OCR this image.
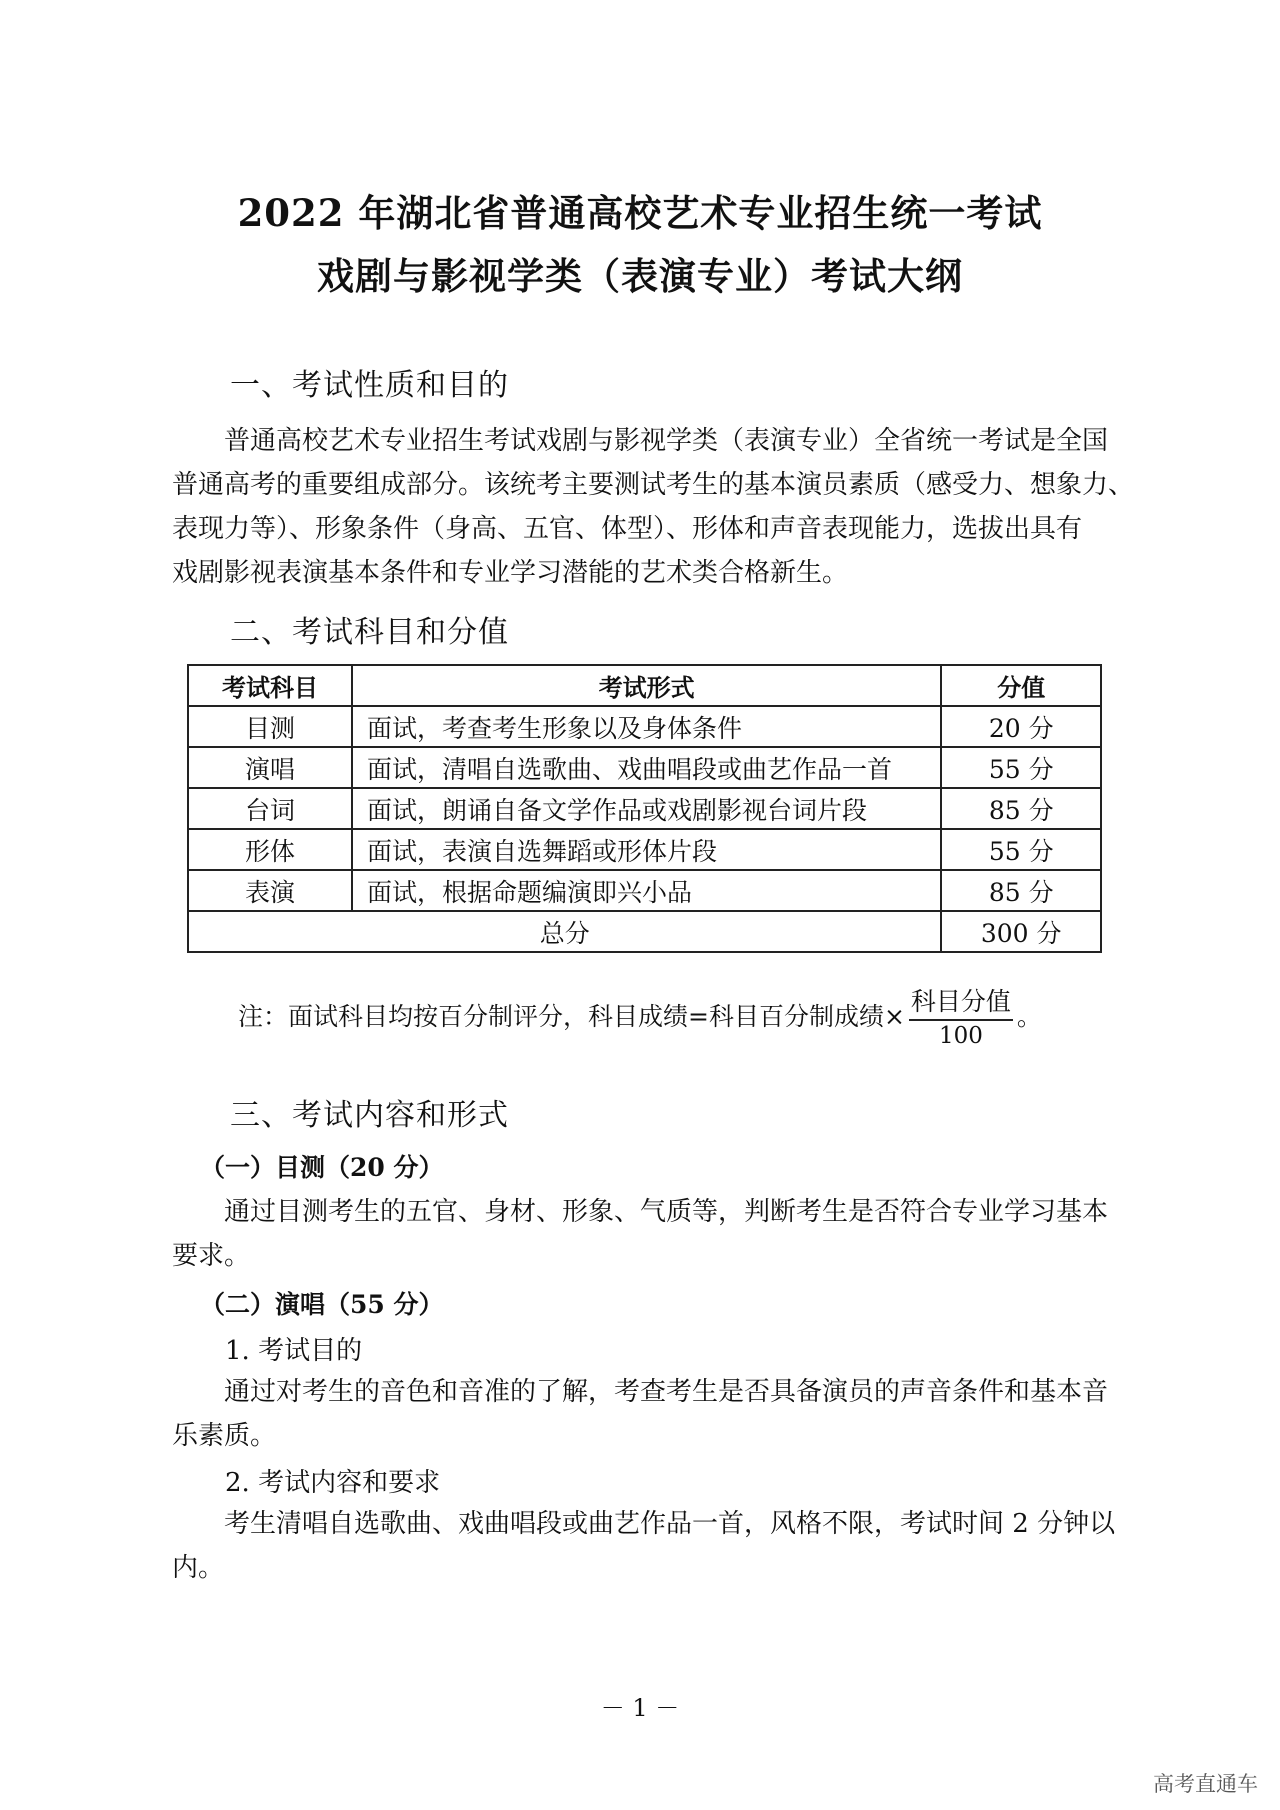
2022 年湖北省普通高校艺术专业招生统一考试
戏剧与影视学类（表演专业）考试大纲
一、考试性质和目的
普通高校艺术专业招生考试戏剧与影视学类（表演专业）全省统一考试是全国
普通高考的重要组成部分。该统考主要测试考生的基本演员素质（感受力、想象力、
表现力等）、形象条件（身高、五官、体型）、形体和声音表现能力，选拔出具有
戏剧影视表演基本条件和专业学习潜能的艺术类合格新生。
二、考试科目和分值
考试科目	考试形式	分值
目测	面试，考查考生形象以及身体条件	20 分
演唱	面试，清唱自选歌曲、戏曲唱段或曲艺作品一首	55 分
台词	面试，朗诵自备文学作品或戏剧影视台词片段	85 分
形体	面试，表演自选舞蹈或形体片段	55 分
表演	面试，根据命题编演即兴小品	85 分
总分		300 分
注：面试科目均按百分制评分，科目成绩=科目百分制成绩× $\frac{\text{科目分值}}{100}$ 。
三、考试内容和形式
（一）目测（20 分）
通过目测考生的五官、身材、形象、气质等，判断考生是否符合专业学习基本
要求。
（二）演唱（55 分）
1. 考试目的
通过对考生的音色和音准的了解，考查考生是否具备演员的声音条件和基本音
乐素质。
2. 考试内容和要求
考生清唱自选歌曲、戏曲唱段或曲艺作品一首，风格不限，考试时间 2 分钟以
内。
－ 1 －
高考直通车
